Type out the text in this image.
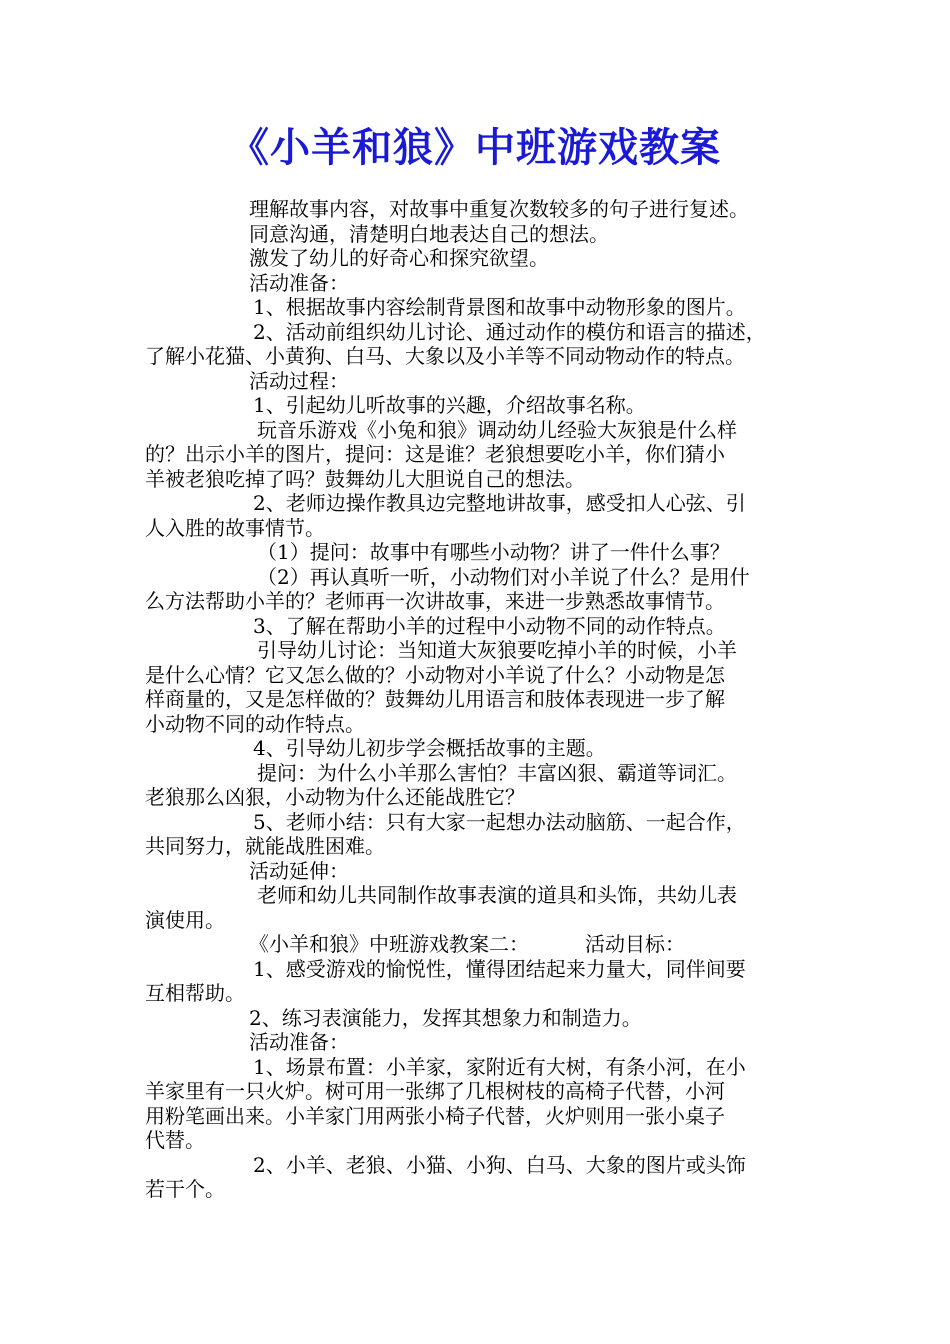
《小羊和狼》中班游戏教案
理解故事内容，对故事中重复次数较多的句子进行复述。
同意沟通，清楚明白地表达自己的想法。
激发了幼儿的好奇心和探究欲望。
活动准备：
1、根据故事内容绘制背景图和故事中动物形象的图片。
2、活动前组织幼儿讨论、通过动作的模仿和语言的描述，
了解小花猫、小黄狗、白马、大象以及小羊等不同动物动作的特点。
活动过程：
1、引起幼儿听故事的兴趣，介绍故事名称。
玩音乐游戏《小兔和狼》调动幼儿经验大灰狼是什么样
的？出示小羊的图片，提问：这是谁？老狼想要吃小羊，你们猜小
羊被老狼吃掉了吗？鼓舞幼儿大胆说自己的想法。
2、老师边操作教具边完整地讲故事，感受扣人心弦、引
人入胜的故事情节。
（1）提问：故事中有哪些小动物？讲了一件什么事？
（2）再认真听一听，小动物们对小羊说了什么？是用什
么方法帮助小羊的？老师再一次讲故事，来进一步熟悉故事情节。
3、了解在帮助小羊的过程中小动物不同的动作特点。
引导幼儿讨论：当知道大灰狼要吃掉小羊的时候，小羊
是什么心情？它又怎么做的？小动物对小羊说了什么？小动物是怎
样商量的，又是怎样做的？鼓舞幼儿用语言和肢体表现进一步了解
小动物不同的动作特点。
4、引导幼儿初步学会概括故事的主题。
提问：为什么小羊那么害怕？丰富凶狠、霸道等词汇。
老狼那么凶狠，小动物为什么还能战胜它？
5、老师小结：只有大家一起想办法动脑筋、一起合作，
共同努力，就能战胜困难。
活动延伸：
老师和幼儿共同制作故事表演的道具和头饰，共幼儿表
演使用。
《小羊和狼》中班游戏教案二：	活动目标：
1、感受游戏的愉悦性，懂得团结起来力量大，同伴间要
互相帮助。
2、练习表演能力，发挥其想象力和制造力。
活动准备：
1、场景布置：小羊家，家附近有大树，有条小河，在小
羊家里有一只火炉。树可用一张绑了几根树枝的高椅子代替，小河
用粉笔画出来。小羊家门用两张小椅子代替，火炉则用一张小桌子
代替。
2、小羊、老狼、小猫、小狗、白马、大象的图片或头饰
若干个。
